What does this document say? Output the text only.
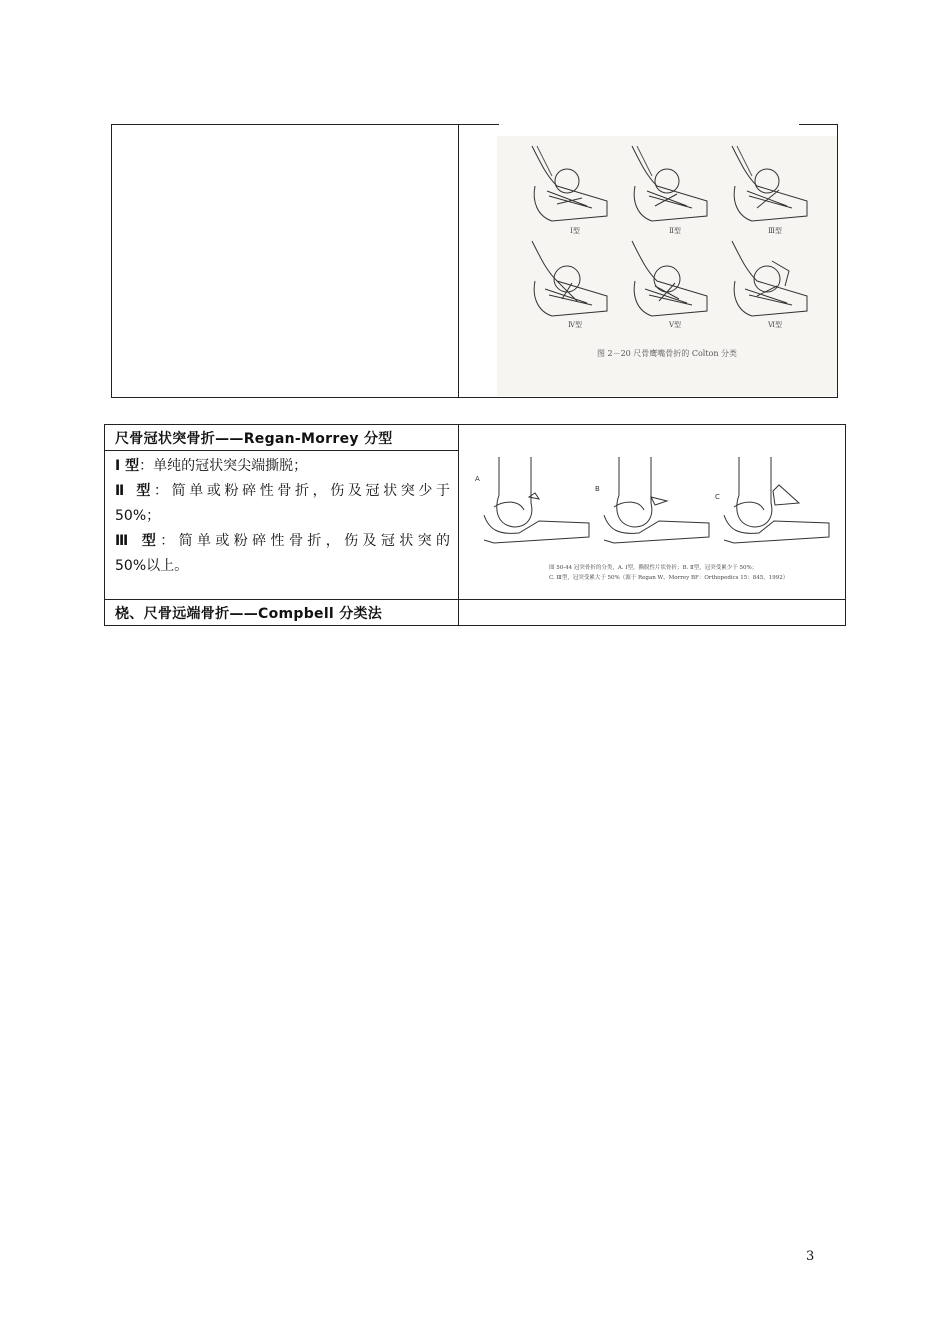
Ⅰ型	Ⅱ型	Ⅲ型
Ⅳ型	Ⅴ型	Ⅵ型
图 2－20 尺骨鹰嘴骨折的 Colton 分类
尺骨冠状突骨折——Regan-Morrey 分型
Ⅰ 型：单纯的冠状突尖端撕脱；
Ⅱ 型：简单或粉碎性骨折，伤及冠状突少于
50%；
Ⅲ 型：简单或粉碎性骨折，伤及冠状突的
50%以上。
A
B
C
图 50-44 冠突骨折的分类，A. Ⅰ型，撕脱性片状骨折；B. Ⅱ型，冠突受累少于 50%；
C. Ⅲ型，冠突受累大于 50%（源于 Regan W，Morrey BF：Orthopedics 15：845，1992）
桡、尺骨远端骨折——Compbell 分类法
3
